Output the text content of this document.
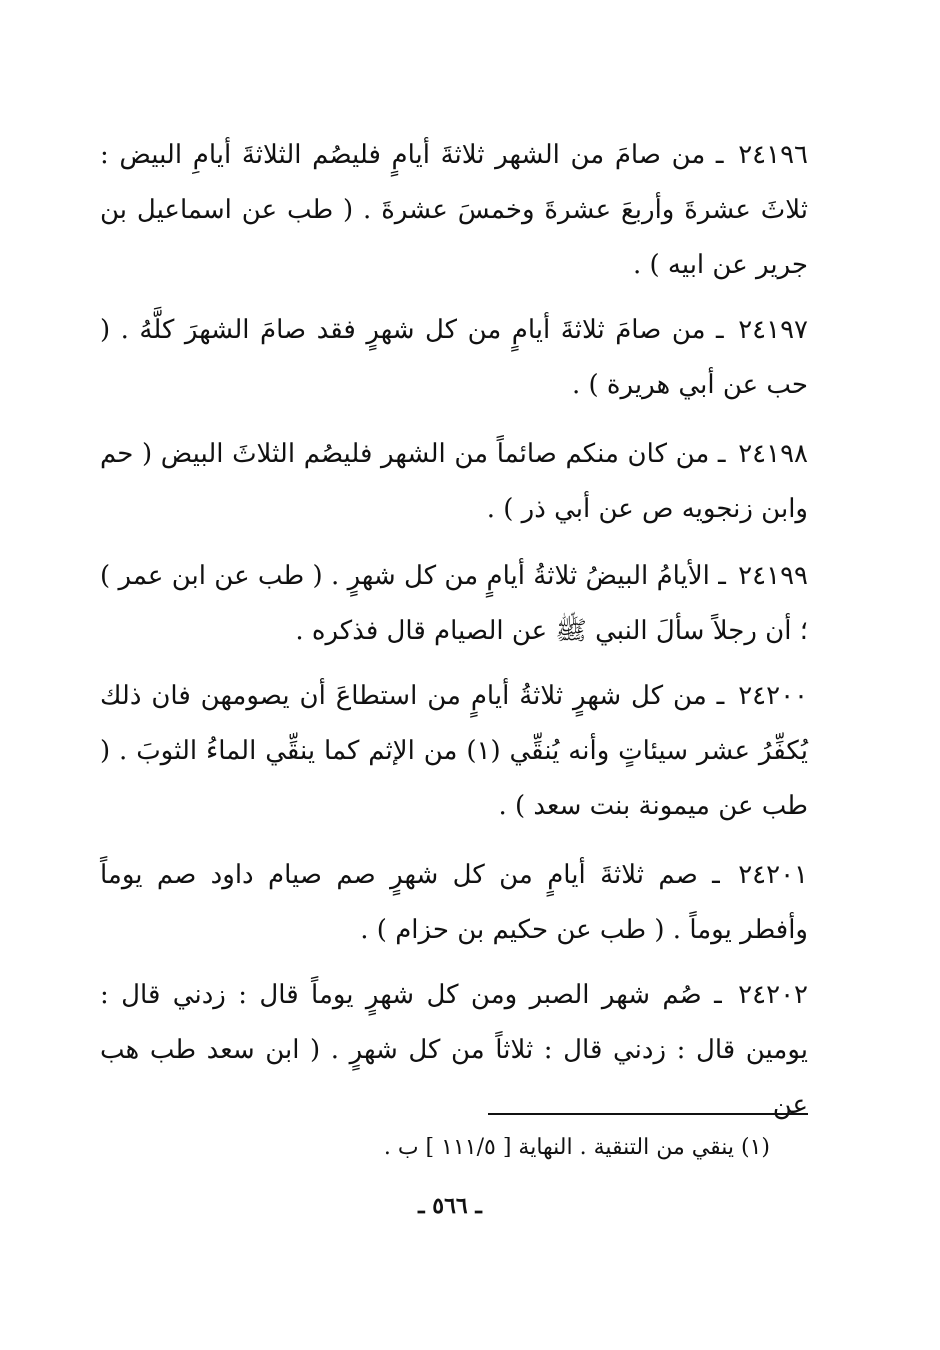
٢٤١٩٦ ـ من صامَ من الشهر ثلاثةَ أيامٍ فليصُم الثلاثةَ أيامِ البيض : ثلاثَ عشرةَ وأربعَ عشرةَ وخمسَ عشرةَ . ( طب عن اسماعيل بن جرير عن ابيه ) .

٢٤١٩٧ ـ من صامَ ثلاثةَ أيامٍ من كل شهرٍ فقد صامَ الشهرَ كلَّهُ . ( حب عن أبي هريرة ) .

٢٤١٩٨ ـ من كان منكم صائماً من الشهر فليصُم الثلاثَ البيض ( حم وابن زنجويه ص عن أبي ذر ) .

٢٤١٩٩ ـ الأيامُ البيضُ ثلاثةُ أيامٍ من كل شهرٍ . ( طب عن ابن عمر ) ؛ أن رجلاً سألَ النبي ﷺ عن الصيام قال فذكره .

٢٤٢٠٠ ـ من كل شهرٍ ثلاثةُ أيامٍ من استطاعَ أن يصومهن فان ذلك يُكفِّرُ عشر سيئاتٍ وأنه يُنقِّي (١) من الإثم كما ينقِّي الماءُ الثوبَ . ( طب عن ميمونة بنت سعد ) .

٢٤٢٠١ ـ صم ثلاثةَ أيامٍ من كل شهرٍ صم صيام داود صم يوماً وأفطر يوماً . ( طب عن حكيم بن حزام ) .

٢٤٢٠٢ ـ صُم شهر الصبر ومن كل شهرٍ يوماً قال : زدني قال : يومين قال : زدني قال : ثلاثاً من كل شهرٍ . ( ابن سعد طب هب عن

(١) ينقي من التنقية . النهاية [ ١١١/٥ ] ب .
ـ ٥٦٦ ـ
